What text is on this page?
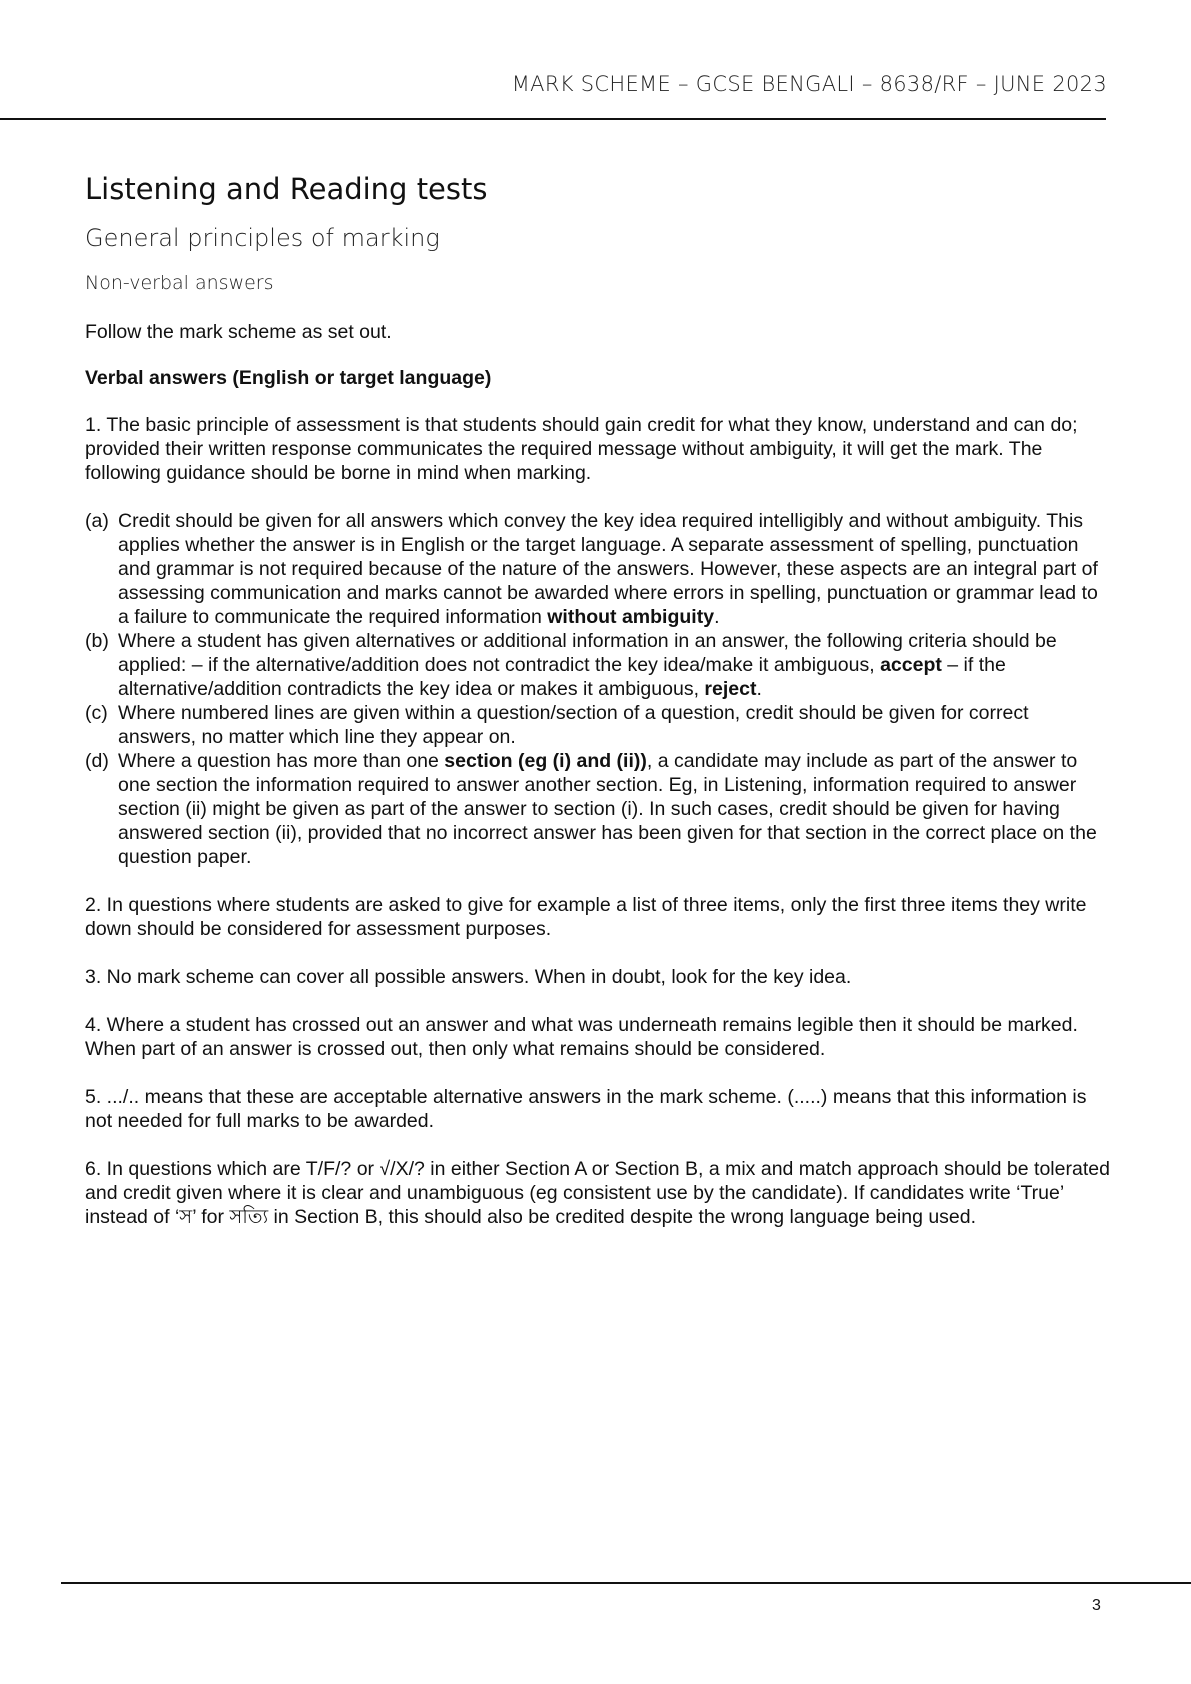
MARK SCHEME – GCSE BENGALI – 8638/RF – JUNE 2023
Listening and Reading tests
General principles of marking
Non-verbal answers

Follow the mark scheme as set out.

Verbal answers (English or target language)

1. The basic principle of assessment is that students should gain credit for what they know, understand and can do; provided their written response communicates the required message without ambiguity, it will get the mark. The following guidance should be borne in mind when marking.

(a) Credit should be given for all answers which convey the key idea required intelligibly and without ambiguity. This applies whether the answer is in English or the target language. A separate assessment of spelling, punctuation and grammar is not required because of the nature of the answers. However, these aspects are an integral part of assessing communication and marks cannot be awarded where errors in spelling, punctuation or grammar lead to a failure to communicate the required information without ambiguity.
(b) Where a student has given alternatives or additional information in an answer, the following criteria should be applied: – if the alternative/addition does not contradict the key idea/make it ambiguous, accept – if the alternative/addition contradicts the key idea or makes it ambiguous, reject.
(c) Where numbered lines are given within a question/section of a question, credit should be given for correct answers, no matter which line they appear on.
(d) Where a question has more than one section (eg (i) and (ii)), a candidate may include as part of the answer to one section the information required to answer another section. Eg, in Listening, information required to answer section (ii) might be given as part of the answer to section (i). In such cases, credit should be given for having answered section (ii), provided that no incorrect answer has been given for that section in the correct place on the question paper.

2. In questions where students are asked to give for example a list of three items, only the first three items they write down should be considered for assessment purposes.

3. No mark scheme can cover all possible answers. When in doubt, look for the key idea.

4. Where a student has crossed out an answer and what was underneath remains legible then it should be marked. When part of an answer is crossed out, then only what remains should be considered.

5. .../.. means that these are acceptable alternative answers in the mark scheme. (.....) means that this information is not needed for full marks to be awarded.

6. In questions which are T/F/? or √/X/? in either Section A or Section B, a mix and match approach should be tolerated and credit given where it is clear and unambiguous (eg consistent use by the candidate). If candidates write ‘True’ instead of ‘স’ for সত্যি in Section B, this should also be credited despite the wrong language being used.

3
